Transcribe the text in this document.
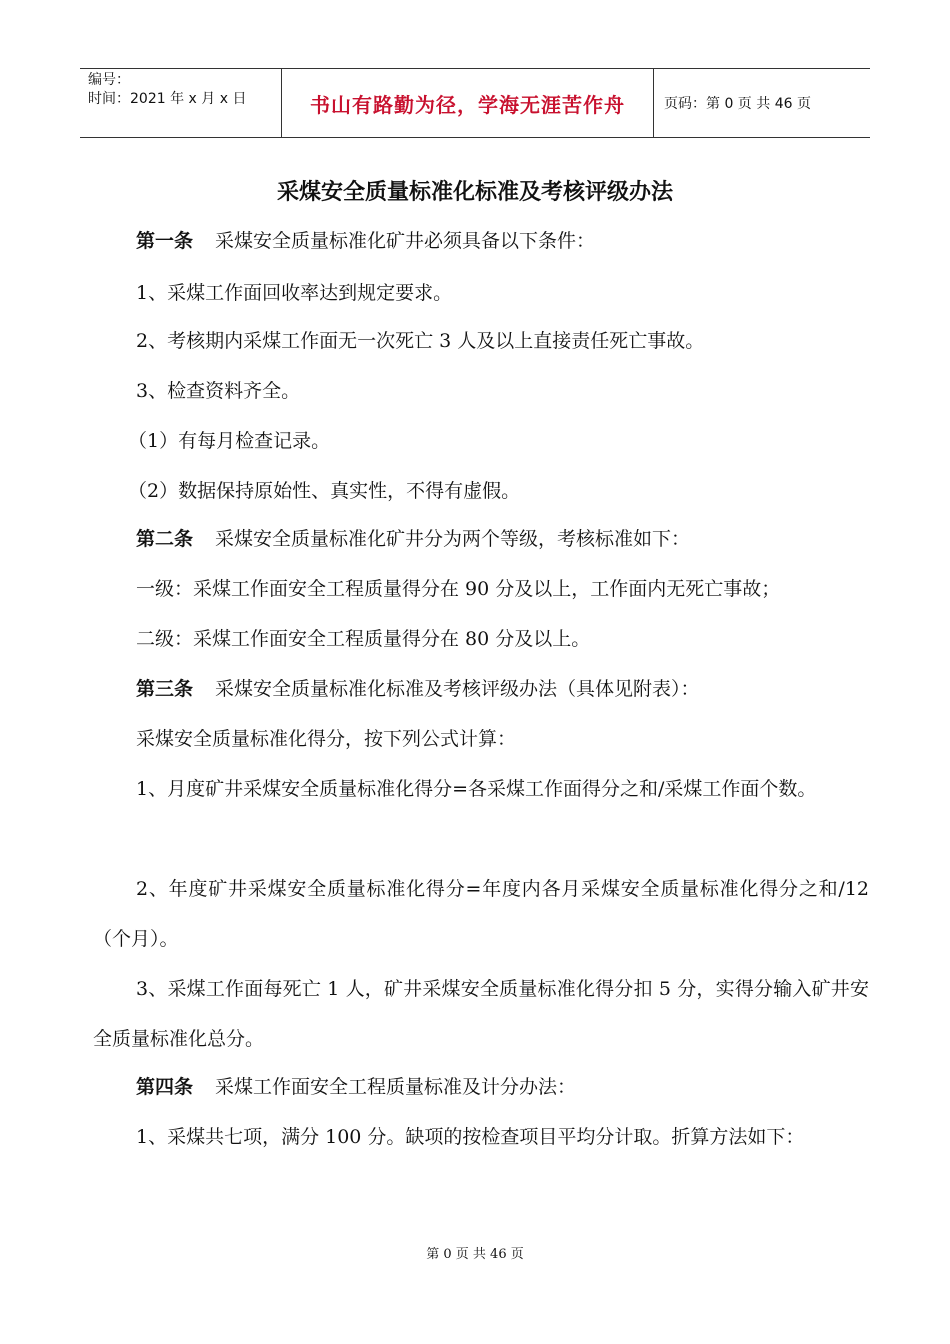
编号：
时间：2021 年 x 月 x 日	书山有路勤为径，学海无涯苦作舟	页码：第 0 页 共 46 页
采煤安全质量标准化标准及考核评级办法
第一条 采煤安全质量标准化矿井必须具备以下条件：
1、采煤工作面回收率达到规定要求。
2、考核期内采煤工作面无一次死亡 3 人及以上直接责任死亡事故。
3、检查资料齐全。
（1）有每月检查记录。
（2）数据保持原始性、真实性，不得有虚假。
第二条 采煤安全质量标准化矿井分为两个等级，考核标准如下：
一级：采煤工作面安全工程质量得分在 90 分及以上，工作面内无死亡事故；
二级：采煤工作面安全工程质量得分在 80 分及以上。
第三条 采煤安全质量标准化标准及考核评级办法（具体见附表）：
采煤安全质量标准化得分，按下列公式计算：
1、月度矿井采煤安全质量标准化得分=各采煤工作面得分之和/采煤工作面个数。
2、年度矿井采煤安全质量标准化得分=年度内各月采煤安全质量标准化得分之和/12（个月）。
3、采煤工作面每死亡 1 人，矿井采煤安全质量标准化得分扣 5 分，实得分输入矿井安全质量标准化总分。
第四条 采煤工作面安全工程质量标准及计分办法：
1、采煤共七项，满分 100 分。缺项的按检查项目平均分计取。折算方法如下：
第 0 页 共 46 页
